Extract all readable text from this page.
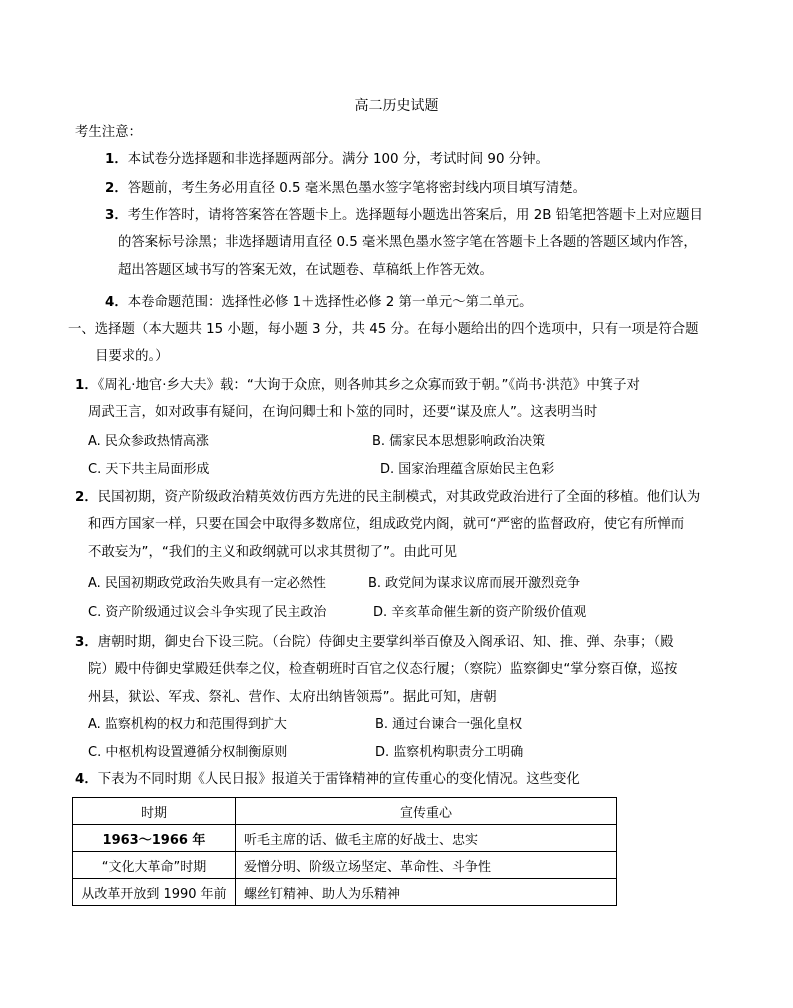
高二历史试题
考生注意：
1．本试卷分选择题和非选择题两部分。满分 100 分，考试时间 90 分钟。
2．答题前，考生务必用直径 0.5 毫米黑色墨水签字笔将密封线内项目填写清楚。
3．考生作答时，请将答案答在答题卡上。选择题每小题选出答案后，用 2B 铅笔把答题卡上对应题目
的答案标号涂黑；非选择题请用直径 0.5 毫米黑色墨水签字笔在答题卡上各题的答题区域内作答，
超出答题区域书写的答案无效，在试题卷、草稿纸上作答无效。
4．本卷命题范围：选择性必修 1＋选择性必修 2 第一单元～第二单元。
一、选择题（本大题共 15 小题，每小题 3 分，共 45 分。在每小题给出的四个选项中，只有一项是符合题
目要求的。）
1．《周礼·地官·乡大夫》载：“大询于众庶，则各帅其乡之众寡而致于朝。”《尚书·洪范》中箕子对
周武王言，如对政事有疑问，在询问卿士和卜筮的同时，还要“谋及庶人”。这表明当时
A. 民众参政热情高涨	B. 儒家民本思想影响政治决策
C. 天下共主局面形成	D. 国家治理蕴含原始民主色彩
2．民国初期，资产阶级政治精英效仿西方先进的民主制模式，对其政党政治进行了全面的移植。他们认为
和西方国家一样，只要在国会中取得多数席位，组成政党内阁，就可“严密的监督政府，使它有所惮而
不敢妄为”，“我们的主义和政纲就可以求其贯彻了”。由此可见
A. 民国初期政党政治失败具有一定必然性	B. 政党间为谋求议席而展开激烈竞争
C. 资产阶级通过议会斗争实现了民主政治	D. 辛亥革命催生新的资产阶级价值观
3．唐朝时期，御史台下设三院。（台院）侍御史主要掌纠举百僚及入阁承诏、知、推、弹、杂事；（殿
院）殿中侍御史掌殿廷供奉之仪，检查朝班时百官之仪态行履；（察院）监察御史“掌分察百僚，巡按
州县，狱讼、军戎、祭礼、营作、太府出纳皆领焉”。据此可知，唐朝
A. 监察机构的权力和范围得到扩大	B. 通过台谏合一强化皇权
C. 中枢机构设置遵循分权制衡原则	D. 监察机构职责分工明确
4．下表为不同时期《人民日报》报道关于雷锋精神的宣传重心的变化情况。这些变化
时期	宣传重心
1963～1966 年	听毛主席的话、做毛主席的好战士、忠实
“文化大革命”时期	爱憎分明、阶级立场坚定、革命性、斗争性
从改革开放到 1990 年前	螺丝钉精神、助人为乐精神
